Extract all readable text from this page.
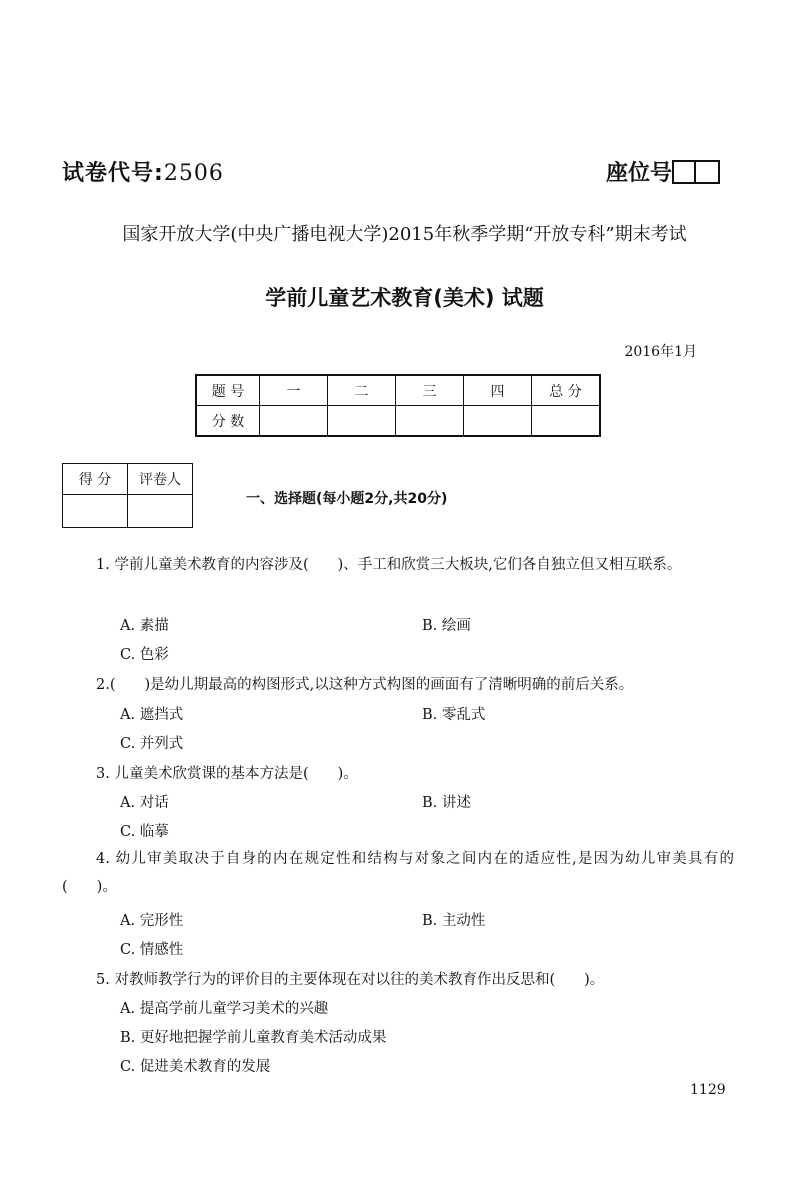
试卷代号:2506	座位号
国家开放大学(中央广播电视大学)2015年秋季学期“开放专科”期末考试
学前儿童艺术教育(美术) 试题
2016年1月
题 号	一	二	三	四	总 分
分 数					
得 分	评卷人

一、选择题(每小题2分,共20分)
1. 学前儿童美术教育的内容涉及(　　)、手工和欣赏三大板块,它们各自独立但又相互联系。
A. 素描	B. 绘画
C. 色彩
2.(　　)是幼儿期最高的构图形式,以这种方式构图的画面有了清晰明确的前后关系。
A. 遮挡式	B. 零乱式
C. 并列式
3. 儿童美术欣赏课的基本方法是(　　)。
A. 对话	B. 讲述
C. 临摹
4. 幼儿审美取决于自身的内在规定性和结构与对象之间内在的适应性,是因为幼儿审美具有的(　　)。
A. 完形性	B. 主动性
C. 情感性
5. 对教师教学行为的评价目的主要体现在对以往的美术教育作出反思和(　　)。
A. 提高学前儿童学习美术的兴趣
B. 更好地把握学前儿童教育美术活动成果
C. 促进美术教育的发展
1129
